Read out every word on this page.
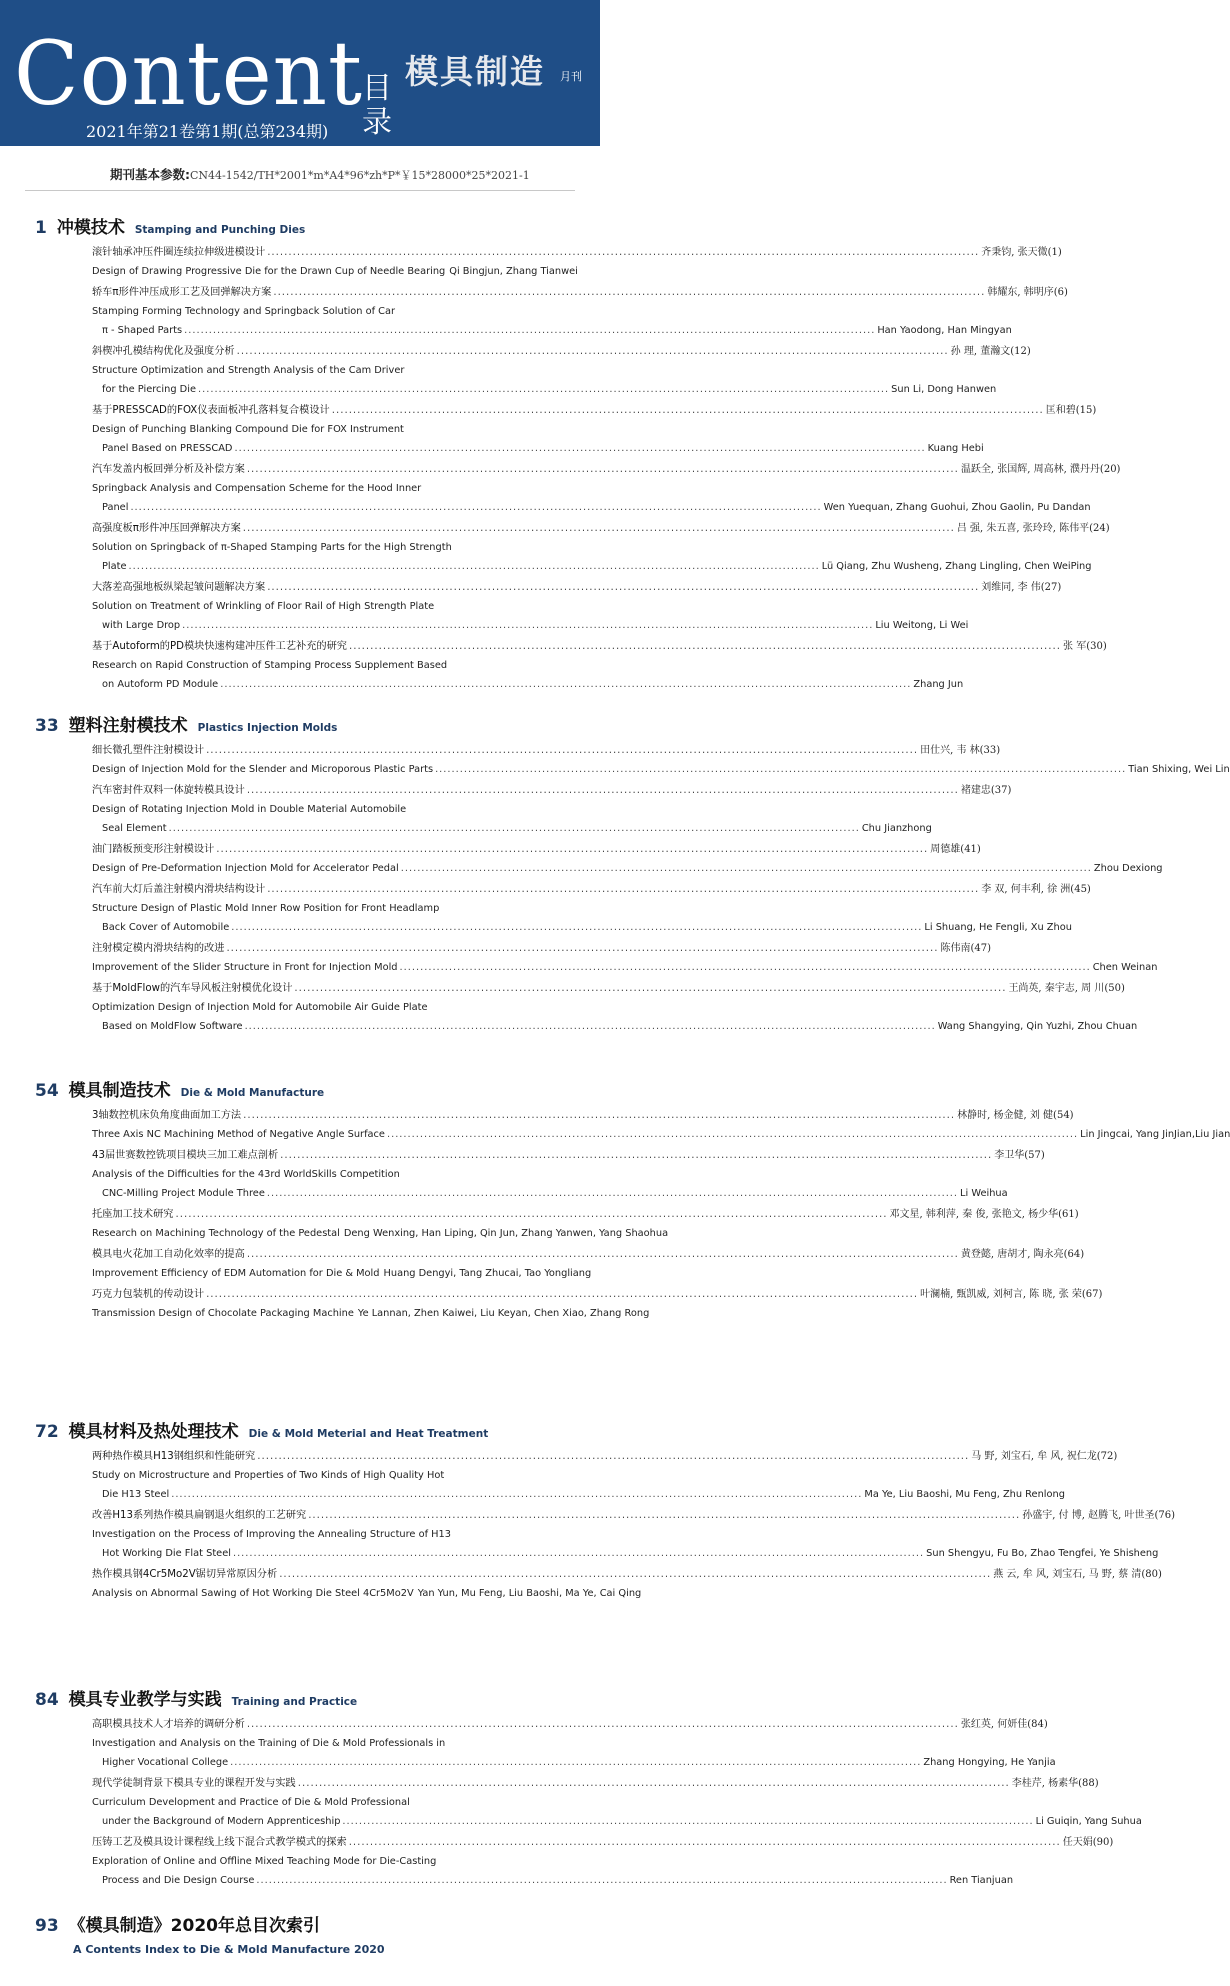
Content 目
录
2021年第21卷第1期(总第234期)
模具制造 月刊
期刊基本参数:CN44-1542/TH*2001*m*A4*96*zh*P*￥15*28000*25*2021-1
1 冲模技术 Stamping and Punching Dies
滚针轴承冲压件圈连续拉伸级进模设计 .....	齐秉钧, 张天微(1)
Design of Drawing Progressive Die for the Drawn Cup of Needle Bearing Qi Bingjun, Zhang Tianwei
轿车π形件冲压成形工艺及回弹解决方案 .....	韩耀东, 韩明序(6)
Stamping Forming Technology and Springback Solution of Car
π - Shaped Parts .....	Han Yaodong, Han Mingyan
斜楔冲孔模结构优化及强度分析 .....	孙 理, 董瀚文(12)
Structure Optimization and Strength Analysis of the Cam Driver
for the Piercing Die .....	Sun Li, Dong Hanwen
基于PRESSCAD的FOX仪表面板冲孔落料复合模设计 .....	匡和碧(15)
Design of Punching Blanking Compound Die for FOX Instrument
Panel Based on PRESSCAD .....	Kuang Hebi
汽车发盖内板回弹分析及补偿方案 .....	温跃全, 张国辉, 周高林, 濮丹丹(20)
Springback Analysis and Compensation Scheme for the Hood Inner
Panel .....	Wen Yuequan, Zhang Guohui, Zhou Gaolin, Pu Dandan
高强度板π形件冲压回弹解决方案 .....	吕 强, 朱五喜, 张玲玲, 陈伟平(24)
Solution on Springback of π-Shaped Stamping Parts for the High Strength
Plate .....	Lü Qiang, Zhu Wusheng, Zhang Lingling, Chen WeiPing
大落差高强地板纵梁起皱问题解决方案 .....	刘维同, 李 伟(27)
Solution on Treatment of Wrinkling of Floor Rail of High Strength Plate
with Large Drop .....	Liu Weitong, Li Wei
基于Autoform的PD模块快速构建冲压件工艺补充的研究 .....	张 军(30)
Research on Rapid Construction of Stamping Process Supplement Based
on Autoform PD Module .....	Zhang Jun
33 塑料注射模技术 Plastics Injection Molds
细长微孔塑件注射模设计 .....	田仕兴, 韦 林(33)
Design of Injection Mold for the Slender and Microporous Plastic Parts .....	Tian Shixing, Wei Lin
汽车密封件双料一体旋转模具设计 .....	褚建忠(37)
Design of Rotating Injection Mold in Double Material Automobile
Seal Element .....	Chu Jianzhong
油门踏板预变形注射模设计 .....	周德雄(41)
Design of Pre-Deformation Injection Mold for Accelerator Pedal .....	Zhou Dexiong
汽车前大灯后盖注射模内滑块结构设计 .....	李 双, 何丰利, 徐 洲(45)
Structure Design of Plastic Mold Inner Row Position for Front Headlamp
Back Cover of Automobile .....	Li Shuang, He Fengli, Xu Zhou
注射模定模内滑块结构的改进 .....	陈伟南(47)
Improvement of the Slider Structure in Front for Injection Mold .....	Chen Weinan
基于MoldFlow的汽车导风板注射模优化设计 .....	王尚英, 秦宇志, 周 川(50)
Optimization Design of Injection Mold for Automobile Air Guide Plate
Based on MoldFlow Software .....	Wang Shangying, Qin Yuzhi, Zhou Chuan
54 模具制造技术 Die & Mold Manufacture
3轴数控机床负角度曲面加工方法 .....	林静时, 杨金健, 刘 健(54)
Three Axis NC Machining Method of Negative Angle Surface .....	Lin Jingcai, Yang JinJian,Liu Jian
43届世赛数控铣项目模块三加工难点剖析 .....	李卫华(57)
Analysis of the Difficulties for the 43rd WorldSkills Competition
CNC-Milling Project Module Three .....	Li Weihua
托座加工技术研究 .....	邓文星, 韩利萍, 秦 俊, 张艳文, 杨少华(61)
Research on Machining Technology of the Pedestal Deng Wenxing, Han Liping, Qin Jun, Zhang Yanwen, Yang Shaohua
模具电火花加工自动化效率的提高 .....	黄登懿, 唐胡才, 陶永亮(64)
Improvement Efficiency of EDM Automation for Die & Mold Huang Dengyi, Tang Zhucai, Tao Yongliang
巧克力包装机的传动设计 .....	叶澜楠, 甄凯威, 刘柯言, 陈 晓, 张 荣(67)
Transmission Design of Chocolate Packaging Machine Ye Lannan, Zhen Kaiwei, Liu Keyan, Chen Xiao, Zhang Rong
72 模具材料及热处理技术 Die & Mold Meterial and Heat Treatment
两种热作模具H13钢组织和性能研究 .....	马 野, 刘宝石, 牟 风, 祝仁龙(72)
Study on Microstructure and Properties of Two Kinds of High Quality Hot
Die H13 Steel .....	Ma Ye, Liu Baoshi, Mu Feng, Zhu Renlong
改善H13系列热作模具扁钢退火组织的工艺研究 .....	孙盛宇, 付 博, 赵腾飞, 叶世圣(76)
Investigation on the Process of Improving the Annealing Structure of H13
Hot Working Die Flat Steel .....	Sun Shengyu, Fu Bo, Zhao Tengfei, Ye Shisheng
热作模具钢4Cr5Mo2V锯切异常原因分析 .....	燕 云, 牟 风, 刘宝石, 马 野, 蔡 清(80)
Analysis on Abnormal Sawing of Hot Working Die Steel 4Cr5Mo2V Yan Yun, Mu Feng, Liu Baoshi, Ma Ye, Cai Qing
84 模具专业教学与实践 Training and Practice
高职模具技术人才培养的调研分析 .....	张红英, 何妍佳(84)
Investigation and Analysis on the Training of Die & Mold Professionals in
Higher Vocational College .....	Zhang Hongying, He Yanjia
现代学徒制背景下模具专业的课程开发与实践 .....	李桂芹, 杨素华(88)
Curriculum Development and Practice of Die & Mold Professional
under the Background of Modern Apprenticeship .....	Li Guiqin, Yang Suhua
压铸工艺及模具设计课程线上线下混合式教学模式的探索 .....	任天娟(90)
Exploration of Online and Offline Mixed Teaching Mode for Die-Casting
Process and Die Design Course .....	Ren Tianjuan
93 《模具制造》2020年总目次索引
A Contents Index to Die & Mold Manufacture 2020
